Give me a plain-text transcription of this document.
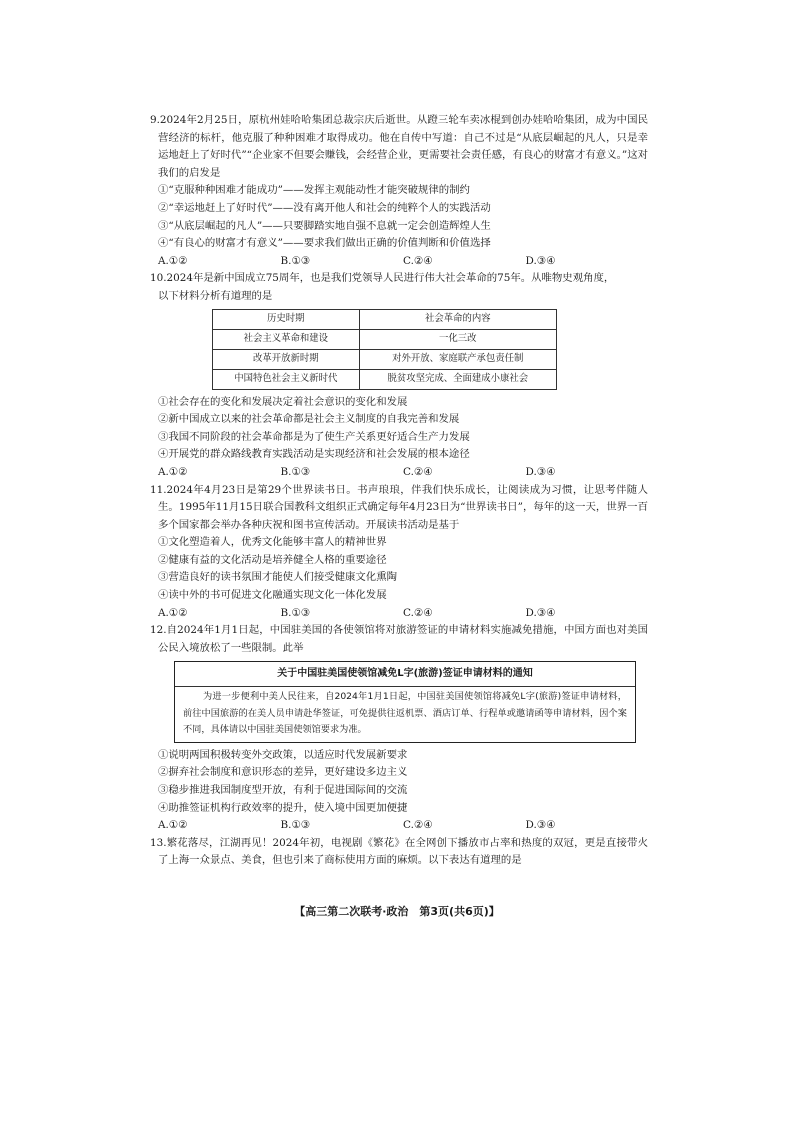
9.2024年2月25日，原杭州娃哈哈集团总裁宗庆后逝世。从蹬三轮车卖冰棍到创办娃哈哈集团，成为中国民营经济的标杆，他克服了种种困难才取得成功。他在自传中写道：自己不过是“从底层崛起的凡人，只是幸运地赶上了好时代”“企业家不但要会赚钱，会经营企业，更需要社会责任感，有良心的财富才有意义。”这对我们的启发是

①“克服种种困难才能成功”——发挥主观能动性才能突破规律的制约
②“幸运地赶上了好时代”——没有离开他人和社会的纯粹个人的实践活动
③“从底层崛起的凡人”——只要脚踏实地自强不息就一定会创造辉煌人生
④“有良心的财富才有意义”——要求我们做出正确的价值判断和价值选择
A.①②	B.①③	C.②④	D.③④

10.2024年是新中国成立75周年，也是我们党领导人民进行伟大社会革命的75年。从唯物史观角度，

以下材料分析有道理的是
历史时期	社会革命的内容
社会主义革命和建设	一化三改
改革开放新时期	对外开放、家庭联产承包责任制
中国特色社会主义新时代	脱贫攻坚完成、全面建成小康社会
①社会存在的变化和发展决定着社会意识的变化和发展
②新中国成立以来的社会革命都是社会主义制度的自我完善和发展
③我国不同阶段的社会革命都是为了使生产关系更好适合生产力发展
④开展党的群众路线教育实践活动是实现经济和社会发展的根本途径
A.①②	B.①③	C.②④	D.③④

11.2024年4月23日是第29个世界读书日。书声琅琅，伴我们快乐成长，让阅读成为习惯，让思考伴随人生。1995年11月15日联合国教科文组织正式确定每年4月23日为“世界读书日”，每年的这一天，世界一百多个国家都会举办各种庆祝和图书宣传活动。开展读书活动是基于

①文化塑造着人，优秀文化能够丰富人的精神世界
②健康有益的文化活动是培养健全人格的重要途径
③营造良好的读书氛围才能使人们接受健康文化熏陶
④读中外的书可促进文化融通实现文化一体化发展
A.①②	B.①③	C.②④	D.③④

12.自2024年1月1日起，中国驻美国的各使领馆将对旅游签证的申请材料实施减免措施，中国方面也对美国公民入境放松了一些限制。此举

关于中国驻美国使领馆减免L字(旅游)签证申请材料的通知
为进一步便利中美人民往来，自2024年1月1日起，中国驻美国使领馆将减免L字(旅游)签证申请材料，前往中国旅游的在美人员申请赴华签证，可免提供往返机票、酒店订单、行程单或邀请函等申请材料，因个案不同，具体请以中国驻美国使领馆要求为准。
①说明两国积极转变外交政策，以适应时代发展新要求
②摒弃社会制度和意识形态的差异，更好建设多边主义
③稳步推进我国制度型开放，有利于促进国际间的交流
④助推签证机构行政效率的提升，使入境中国更加便捷
A.①②	B.①③	C.②④	D.③④

13.繁花落尽，江湖再见！2024年初，电视剧《繁花》在全网创下播放市占率和热度的双冠，更是直接带火了上海一众景点、美食，但也引来了商标使用方面的麻烦。以下表达有道理的是

【高三第二次联考·政治　第3页(共6页)】
